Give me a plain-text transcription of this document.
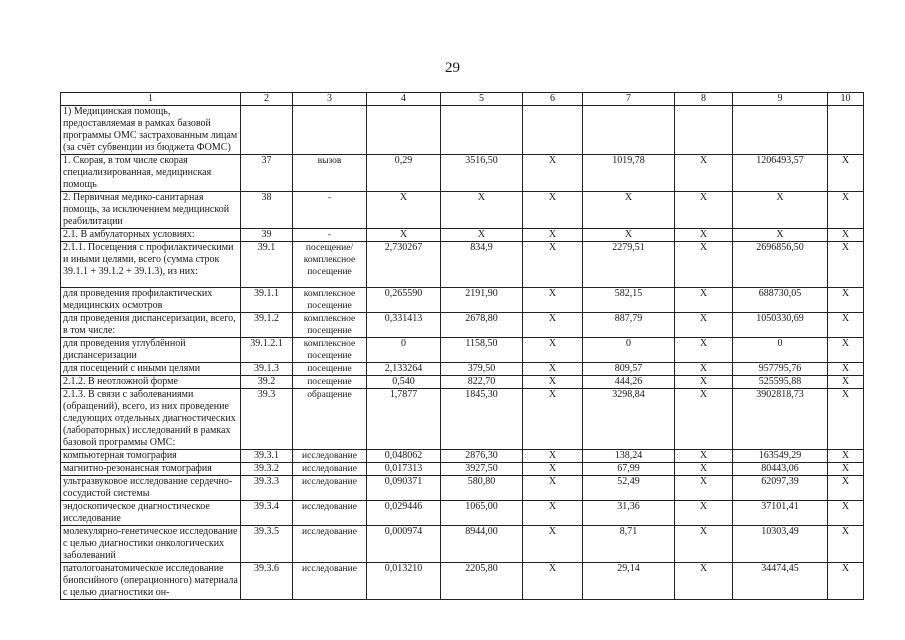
29
1	2	3	4	5	6	7	8	9	10
1) Медицинская помощь, предоставляемая в рамках базовой программы ОМС застрахованным лицам (за счёт субвенции из бюджета ФОМС)									
1. Скорая, в том числе скорая специализированная, медицинская помощь	37	вызов	0,29	3516,50	Х	1019,78	Х	1206493,57	Х
2. Первичная медико-санитарная помощь, за исключением медицинской реабилитации	38	-	Х	Х	Х	Х	Х	Х	Х
2.1. В амбулаторных условиях:	39	-	Х	Х	Х	Х	Х	Х	Х
2.1.1. Посещения с профилактическими и иными целями, всего (сумма строк 39.1.1 + 39.1.2 + 39.1.3), из них:	39.1	посещение/ комплексное посещение	2,730267	834,9	Х	2279,51	Х	2696856,50	Х
для проведения профилактических медицинских осмотров	39.1.1	комплексное посещение	0,265590	2191,90	Х	582,15	Х	688730,05	Х
для проведения диспансеризации, всего, в том числе:	39.1.2	комплексное посещение	0,331413	2678,80	Х	887,79	Х	1050330,69	Х
для проведения углублённой диспансеризации	39.1.2.1	комплексное посещение	0	1158,50	Х	0	Х	0	Х
для посещений с иными целями	39.1.3	посещение	2,133264	379,50	Х	809,57	Х	957795,76	Х
2.1.2. В неотложной форме	39.2	посещение	0,540	822,70	Х	444,26	Х	525595,88	Х
2.1.3. В связи с заболеваниями (обращений), всего, из них проведение следующих отдельных диагностических (лабораторных) исследований в рамках базовой программы ОМС:	39.3	обращение	1,7877	1845,30	Х	3298,84	Х	3902818,73	Х
компьютерная томография	39.3.1	исследование	0,048062	2876,30	Х	138,24	Х	163549,29	Х
магнитно-резонансная томография	39.3.2	исследование	0,017313	3927,50	Х	67,99	Х	80443,06	Х
ультразвуковое исследование сердечно-сосудистой системы	39.3.3	исследование	0,090371	580,80	Х	52,49	Х	62097,39	Х
эндоскопическое диагностическое исследование	39.3.4	исследование	0,029446	1065,00	Х	31,36	Х	37101,41	Х
молекулярно-генетическое исследование с целью диагностики онкологических заболеваний	39.3.5	исследование	0,000974	8944,00	Х	8,71	Х	10303,49	Х
патологоанатомическое исследование биопсийного (операционного) материала с целью диагностики он-	39.3.6	исследование	0,013210	2205,80	Х	29,14	Х	34474,45	Х
